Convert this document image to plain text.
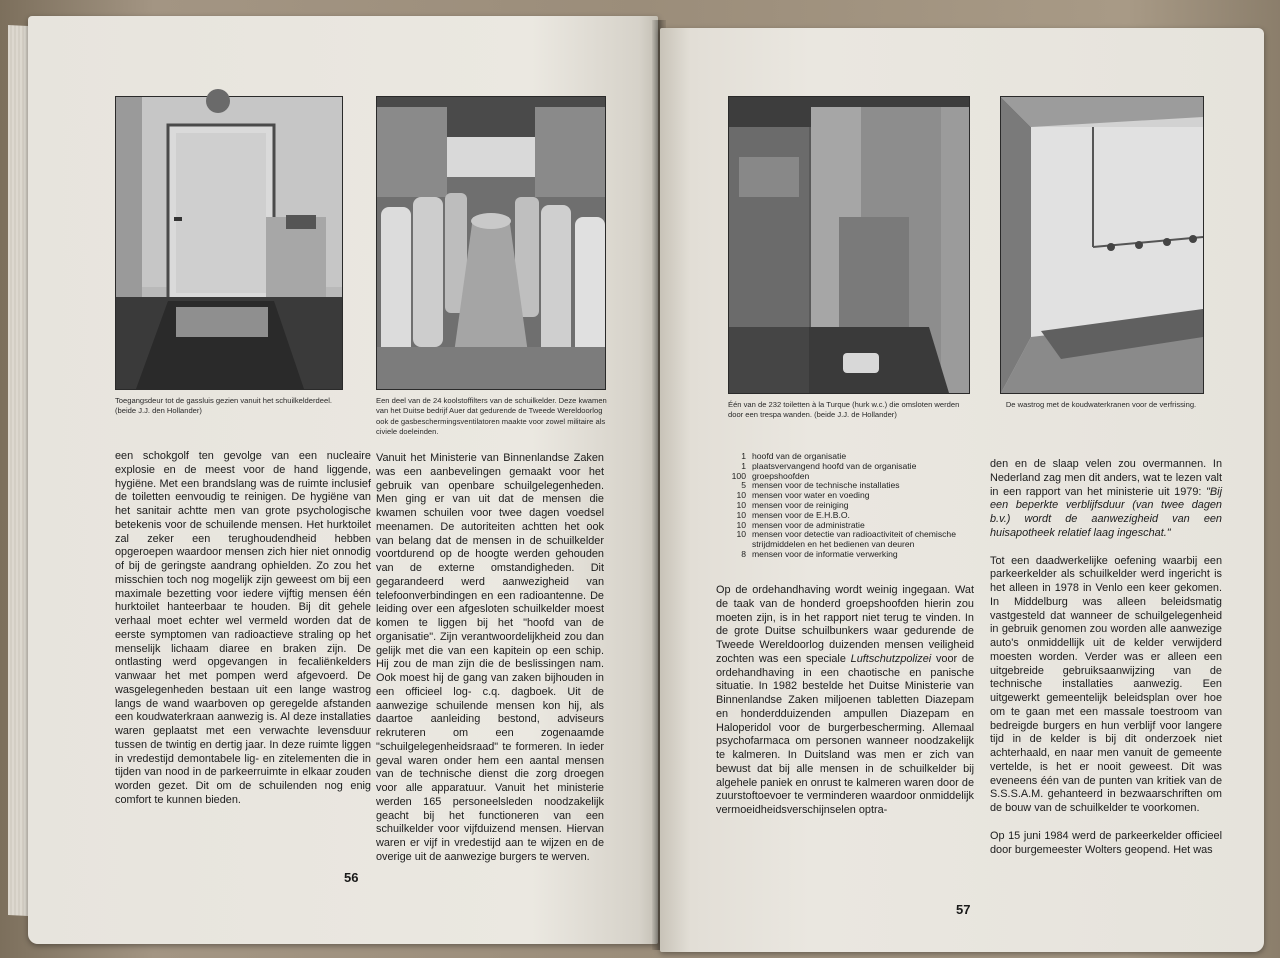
Toegangsdeur tot de gassluis gezien vanuit het schuilkelderdeel. (beide J.J. den Hollander)
Een deel van de 24 koolstoffilters van de schuilkelder. Deze kwamen van het Duitse bedrijf Auer dat gedurende de Tweede Wereldoorlog ook de gasbeschermingsventilatoren maakte voor zowel militaire als civiele doeleinden.
een schokgolf ten gevolge van een nucleaire explosie en de meest voor de hand liggende, hygiëne. Met een brandslang was de ruimte inclusief de toiletten eenvoudig te reinigen. De hygiëne van het sanitair achtte men van grote psychologische betekenis voor de schuilende mensen. Het hurktoilet zal zeker een terughoudendheid hebben opgeroepen waardoor mensen zich hier niet onnodig of bij de geringste aandrang ophielden. Zo zou het misschien toch nog mogelijk zijn geweest om bij een maximale bezetting voor iedere vijftig mensen één hurktoilet hanteerbaar te houden. Bij dit gehele verhaal moet echter wel vermeld worden dat de eerste symptomen van radioactieve straling op het menselijk lichaam diaree en braken zijn. De ontlasting werd opgevangen in fecaliënkelders vanwaar het met pompen werd afgevoerd. De wasgelegenheden bestaan uit een lange wastrog langs de wand waarboven op geregelde afstanden een koudwaterkraan aanwezig is. Al deze installaties waren geplaatst met een verwachte levensduur tussen de twintig en dertig jaar. In deze ruimte liggen in vredestijd demontabele lig- en zitelementen die in tijden van nood in de parkeerruimte in elkaar zouden worden gezet. Dit om de schuilenden nog enig comfort te kunnen bieden.
Vanuit het Ministerie van Binnenlandse Zaken was een aanbevelingen gemaakt voor het gebruik van openbare schuilgelegenheden. Men ging er van uit dat de mensen die kwamen schuilen voor twee dagen voedsel meenamen. De autoriteiten achtten het ook van belang dat de mensen in de schuilkelder voortdurend op de hoogte werden gehouden van de externe omstandigheden. Dit gegarandeerd werd aanwezigheid van telefoonverbindingen en een radioantenne. De leiding over een afgesloten schuilkelder moest komen te liggen bij het "hoofd van de organisatie". Zijn verantwoordelijkheid zou dan gelijk met die van een kapitein op een schip. Hij zou de man zijn die de beslissingen nam. Ook moest hij de gang van zaken bijhouden in een officieel log- c.q. dagboek. Uit de aanwezige schuilende mensen kon hij, als daartoe aanleiding bestond, adviseurs rekruteren om een zogenaamde "schuilgelegenheidsraad" te formeren. In ieder geval waren onder hem een aantal mensen van de technische dienst die zorg droegen voor alle apparatuur. Vanuit het ministerie werden 165 personeelsleden noodzakelijk geacht bij het functioneren van een schuilkelder voor vijfduizend mensen. Hiervan waren er vijf in vredestijd aan te wijzen en de overige uit de aanwezige burgers te werven.
56
Één van de 232 toiletten à la Turque (hurk w.c.) die omsloten werden door een trespa wanden. (beide J.J. de Hollander)
De wastrog met de koudwaterkranen voor de verfrissing.
1 hoofd van de organisatie
1 plaatsvervangend hoofd van de organisatie
100 groepshoofden
5 mensen voor de technische installaties
10 mensen voor water en voeding
10 mensen voor de reiniging
10 mensen voor de E.H.B.O.
10 mensen voor de administratie
10 mensen voor detectie van radioactiviteit of chemische strijdmiddelen en het bedienen van deuren
8 mensen voor de informatie verwerking
Op de ordehandhaving wordt weinig ingegaan. Wat de taak van de honderd groepshoofden hierin zou moeten zijn, is in het rapport niet terug te vinden. In de grote Duitse schuilbunkers waar gedurende de Tweede Wereldoorlog duizenden mensen veiligheid zochten was een speciale Luftschutzpolizei voor de ordehandhaving in een chaotische en panische situatie. In 1982 bestelde het Duitse Ministerie van Binnenlandse Zaken miljoenen tabletten Diazepam en honderdduizenden ampullen Diazepam en Haloperidol voor de burgerbescherming. Allemaal psychofarmaca om personen wanneer noodzakelijk te kalmeren. In Duitsland was men er zich van bewust dat bij alle mensen in de schuilkelder bij algehele paniek en onrust te kalmeren waren door de zuurstoftoevoer te verminderen waardoor onmiddelijk vermoeidheidsverschijnselen optra-

den en de slaap velen zou overmannen. In Nederland zag men dit anders, wat te lezen valt in een rapport van het ministerie uit 1979: "Bij een beperkte verblijfsduur (van twee dagen b.v.) wordt de aanwezigheid van een huisapotheek relatief laag ingeschat."

Tot een daadwerkelijke oefening waarbij een parkeerkelder als schuilkelder werd ingericht is het alleen in 1978 in Venlo een keer gekomen. In Middelburg was alleen beleidsmatig vastgesteld dat wanneer de schuilgelegenheid in gebruik genomen zou worden alle aanwezige auto's onmiddellijk uit de kelder verwijderd moesten worden. Verder was er alleen een uitgebreide gebruiksaanwijzing van de technische installaties aanwezig. Een uitgewerkt gemeentelijk beleidsplan over hoe om te gaan met een massale toestroom van bedreigde burgers en hun verblijf voor langere tijd in de kelder is bij dit onderzoek niet achterhaald, en naar men vanuit de gemeente vertelde, is het er nooit geweest. Dit was eveneens één van de punten van kritiek van de S.S.S.A.M. gehanteerd in bezwaarschriften om de bouw van de schuilkelder te voorkomen.

Op 15 juni 1984 werd de parkeerkelder officieel door burgemeester Wolters geopend. Het was

57
